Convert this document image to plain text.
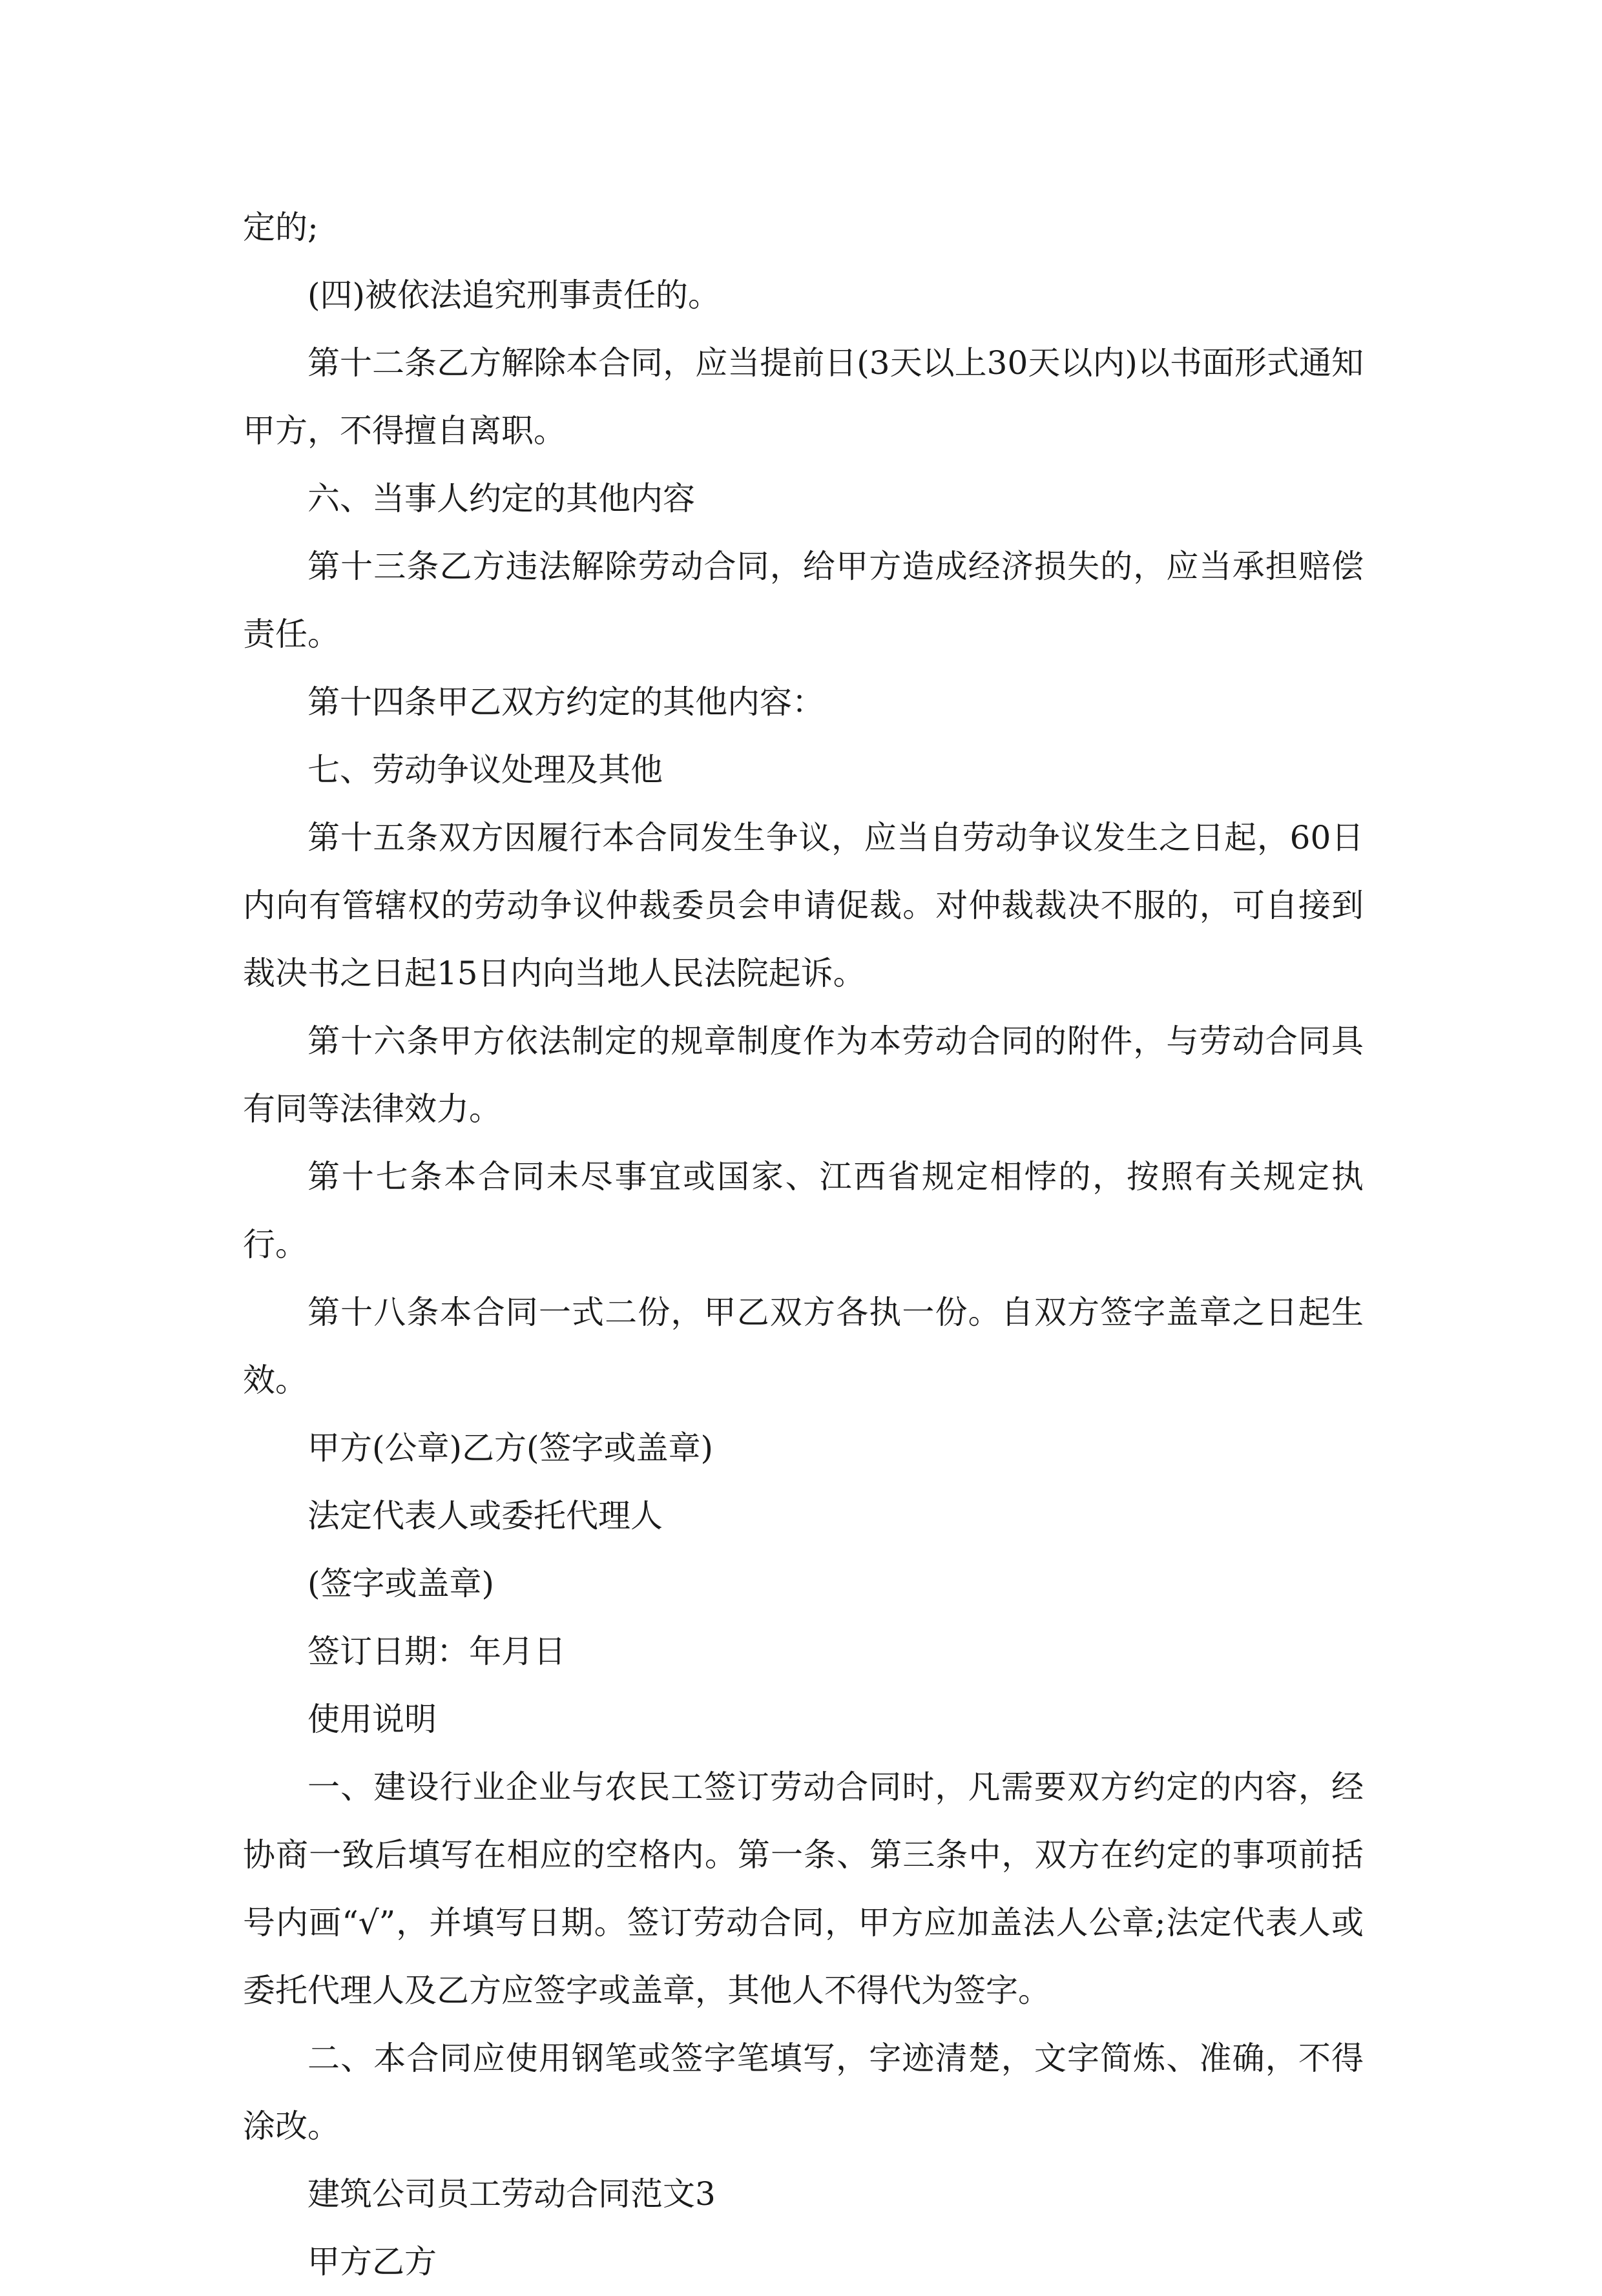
定的;

(四)被依法追究刑事责任的。

第十二条乙方解除本合同，应当提前日(3天以上30天以内)以书面形式通知甲方，不得擅自离职。

六、当事人约定的其他内容

第十三条乙方违法解除劳动合同，给甲方造成经济损失的，应当承担赔偿责任。

第十四条甲乙双方约定的其他内容：

七、劳动争议处理及其他

第十五条双方因履行本合同发生争议，应当自劳动争议发生之日起，60日内向有管辖权的劳动争议仲裁委员会申请促裁。对仲裁裁决不服的，可自接到裁决书之日起15日内向当地人民法院起诉。

第十六条甲方依法制定的规章制度作为本劳动合同的附件，与劳动合同具有同等法律效力。

第十七条本合同未尽事宜或国家、江西省规定相悖的，按照有关规定执行。

第十八条本合同一式二份，甲乙双方各执一份。自双方签字盖章之日起生效。

甲方(公章)乙方(签字或盖章)

法定代表人或委托代理人

(签字或盖章)

签订日期：年月日

使用说明

一、建设行业企业与农民工签订劳动合同时，凡需要双方约定的内容，经协商一致后填写在相应的空格内。第一条、第三条中，双方在约定的事项前括号内画“√”，并填写日期。签订劳动合同，甲方应加盖法人公章;法定代表人或委托代理人及乙方应签字或盖章，其他人不得代为签字。

二、本合同应使用钢笔或签字笔填写，字迹清楚，文字简炼、准确，不得涂改。

建筑公司员工劳动合同范文3

甲方乙方
